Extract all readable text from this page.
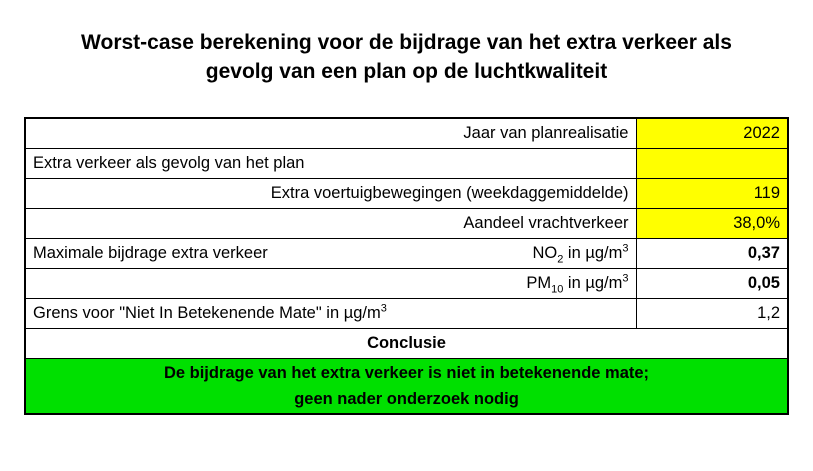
Worst-case berekening voor de bijdrage van het extra verkeer als
gevolg van een plan op de luchtkwaliteit
Jaar van planrealisatie	2022
Extra verkeer als gevolg van het plan	
Extra voertuigbewegingen (weekdaggemiddelde)	119
Aandeel vrachtverkeer	38,0%

Maximale bijdrage extra verkeer $NO_2$ in $\mu g/m^3$	0,37

$PM_{10}$ in $\mu g/m^3$	0,05
Grens voor "Niet In Betekenende Mate" in $\mu g/m^3$	1,2
Conclusie	

De bijdrage van het extra verkeer is niet in betekenende mate;
geen nader onderzoek nodig	
